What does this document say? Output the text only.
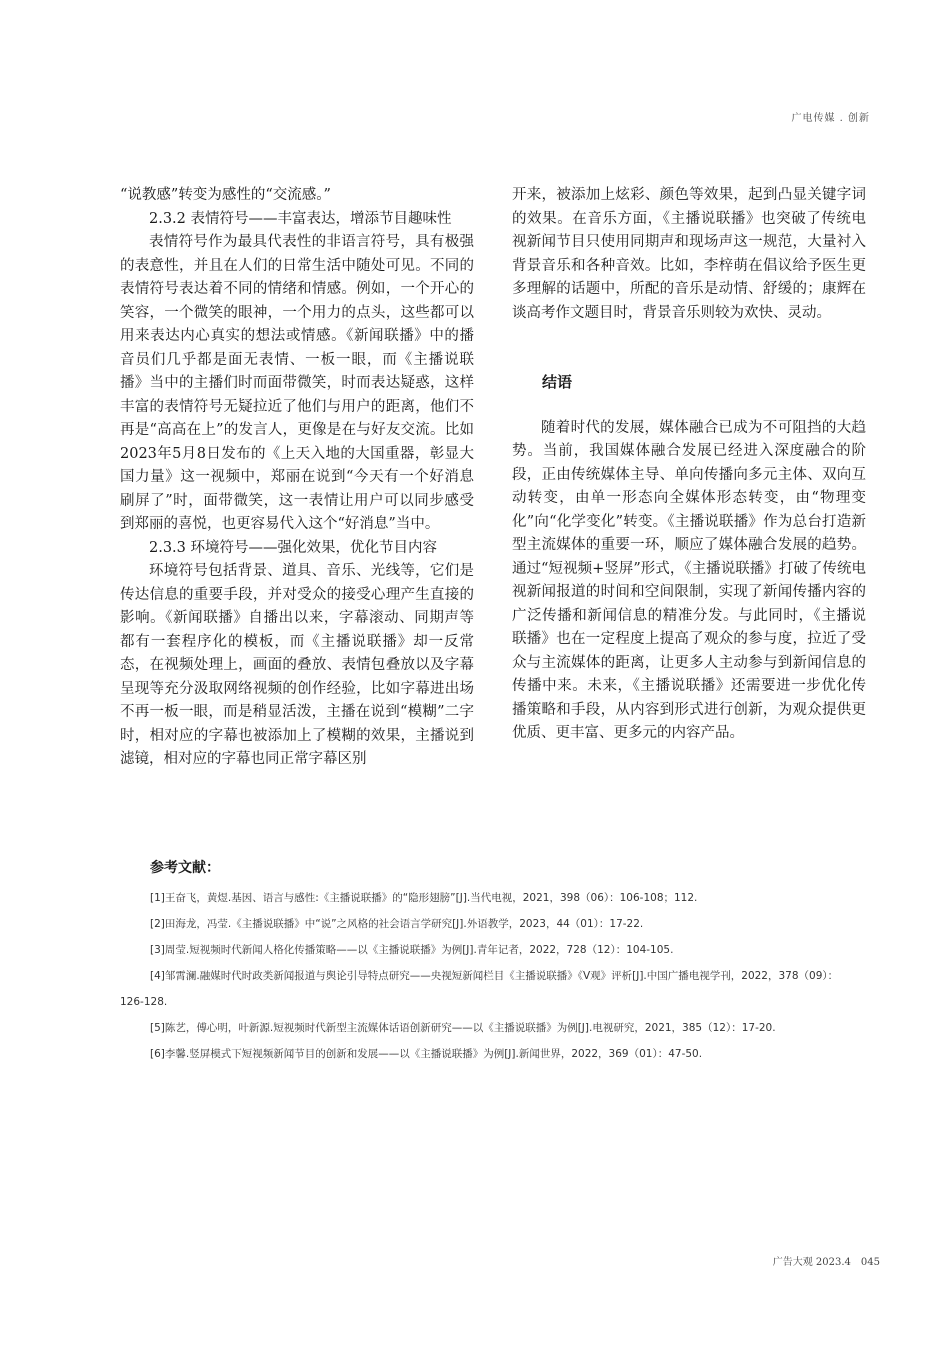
广电传媒 . 创新

“说教感”转变为感性的“交流感。”

2.3.2 表情符号——丰富表达，增添节目趣味性

表情符号作为最具代表性的非语言符号，具有极强的表意性，并且在人们的日常生活中随处可见。不同的表情符号表达着不同的情绪和情感。例如，一个开心的笑容，一个微笑的眼神，一个用力的点头，这些都可以用来表达内心真实的想法或情感。《新闻联播》中的播音员们几乎都是面无表情、一板一眼，而《主播说联播》当中的主播们时而面带微笑，时而表达疑惑，这样丰富的表情符号无疑拉近了他们与用户的距离，他们不再是“高高在上”的发言人，更像是在与好友交流。比如2023年5月8日发布的《上天入地的大国重器，彰显大国力量》这一视频中，郑丽在说到“今天有一个好消息刷屏了”时，面带微笑，这一表情让用户可以同步感受到郑丽的喜悦，也更容易代入这个“好消息”当中。

2.3.3 环境符号——强化效果，优化节目内容

环境符号包括背景、道具、音乐、光线等，它们是传达信息的重要手段，并对受众的接受心理产生直接的影响。《新闻联播》自播出以来，字幕滚动、同期声等都有一套程序化的模板，而《主播说联播》却一反常态，在视频处理上，画面的叠放、表情包叠放以及字幕呈现等充分汲取网络视频的创作经验，比如字幕进出场不再一板一眼，而是稍显活泼，主播在说到“模糊”二字时，相对应的字幕也被添加上了模糊的效果，主播说到滤镜，相对应的字幕也同正常字幕区别

开来，被添加上炫彩、颜色等效果，起到凸显关键字词的效果。在音乐方面，《主播说联播》也突破了传统电视新闻节目只使用同期声和现场声这一规范，大量衬入背景音乐和各种音效。比如，李梓萌在倡议给予医生更多理解的话题中，所配的音乐是动情、舒缓的；康辉在谈高考作文题目时，背景音乐则较为欢快、灵动。

结语

随着时代的发展，媒体融合已成为不可阻挡的大趋势。当前，我国媒体融合发展已经进入深度融合的阶段，正由传统媒体主导、单向传播向多元主体、双向互动转变，由单一形态向全媒体形态转变，由“物理变化”向“化学变化”转变。《主播说联播》作为总台打造新型主流媒体的重要一环，顺应了媒体融合发展的趋势。通过“短视频+竖屏”形式，《主播说联播》打破了传统电视新闻报道的时间和空间限制，实现了新闻传播内容的广泛传播和新闻信息的精准分发。与此同时，《主播说联播》也在一定程度上提高了观众的参与度，拉近了受众与主流媒体的距离，让更多人主动参与到新闻信息的传播中来。未来，《主播说联播》还需要进一步优化传播策略和手段，从内容到形式进行创新，为观众提供更优质、更丰富、更多元的内容产品。

参考文献：
[1]王奋飞，黄煜.基因、语言与感性:《主播说联播》的“隐形翅膀”[J].当代电视，2021，398（06）：106-108；112.
[2]田海龙，冯莹.《主播说联播》中“说”之风格的社会语言学研究[J].外语教学，2023，44（01）：17-22.
[3]周莹.短视频时代新闻人格化传播策略——以《主播说联播》为例[J].青年记者，2022，728（12）：104-105.
[4]邹霄澜.融媒时代时政类新闻报道与舆论引导特点研究——央视短新闻栏目《主播说联播》《V观》评析[J].中国广播电视学刊，2022，378（09）：126-128.
[5]陈艺，傅心明，叶新源.短视频时代新型主流媒体话语创新研究——以《主播说联播》为例[J].电视研究，2021，385（12）：17-20.
[6]李馨.竖屏模式下短视频新闻节目的创新和发展——以《主播说联播》为例[J].新闻世界，2022，369（01）：47-50.
广告大观 2023.4 045
